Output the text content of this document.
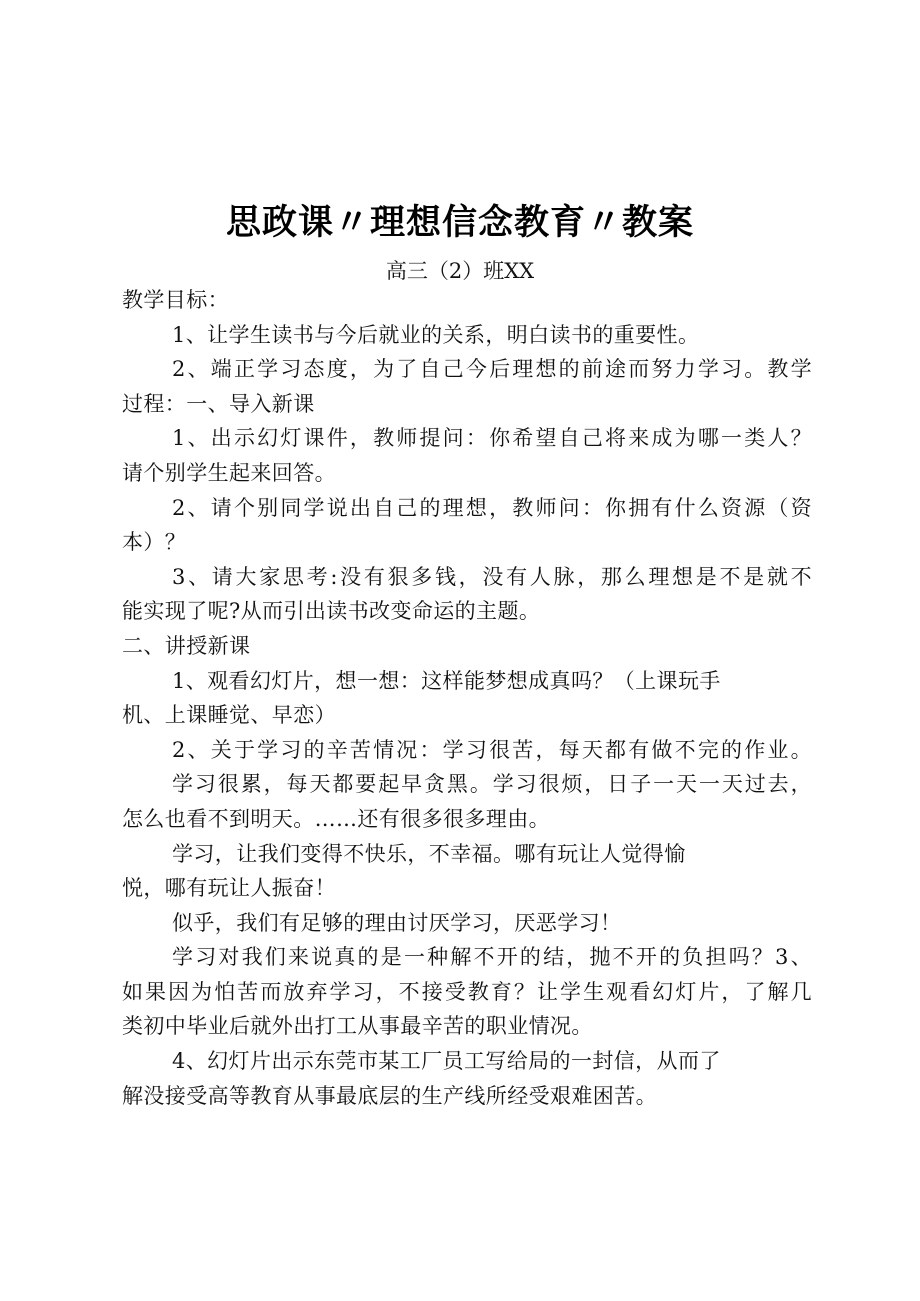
思政课〃理想信念教育〃教案
高三（2）班XX
教学目标：
1、让学生读书与今后就业的关系，明白读书的重要性。
2、端正学习态度，为了自己今后理想的前途而努力学习。教学
过程：一、导入新课
1、出示幻灯课件，教师提问：你希望自己将来成为哪一类人？
请个别学生起来回答。
2、请个别同学说出自己的理想，教师问：你拥有什么资源（资
本）？
3、请大家思考:没有狠多钱，没有人脉，那么理想是不是就不
能实现了呢?从而引出读书改变命运的主题。
二、讲授新课
1、观看幻灯片，想一想：这样能梦想成真吗？（上课玩手
机、上课睡觉、早恋）
2、关于学习的辛苦情况：学习很苦，每天都有做不完的作业。
学习很累，每天都要起早贪黑。学习很烦，日子一天一天过去，
怎么也看不到明天。……还有很多很多理由。
学习，让我们变得不快乐，不幸福。哪有玩让人觉得愉
悦，哪有玩让人振奋！
似乎，我们有足够的理由讨厌学习，厌恶学习！
学习对我们来说真的是一种解不开的结，抛不开的负担吗？3、
如果因为怕苦而放弃学习，不接受教育？让学生观看幻灯片，了解几
类初中毕业后就外出打工从事最辛苦的职业情况。
4、幻灯片出示东莞市某工厂员工写给局的一封信，从而了
解没接受高等教育从事最底层的生产线所经受艰难困苦。
